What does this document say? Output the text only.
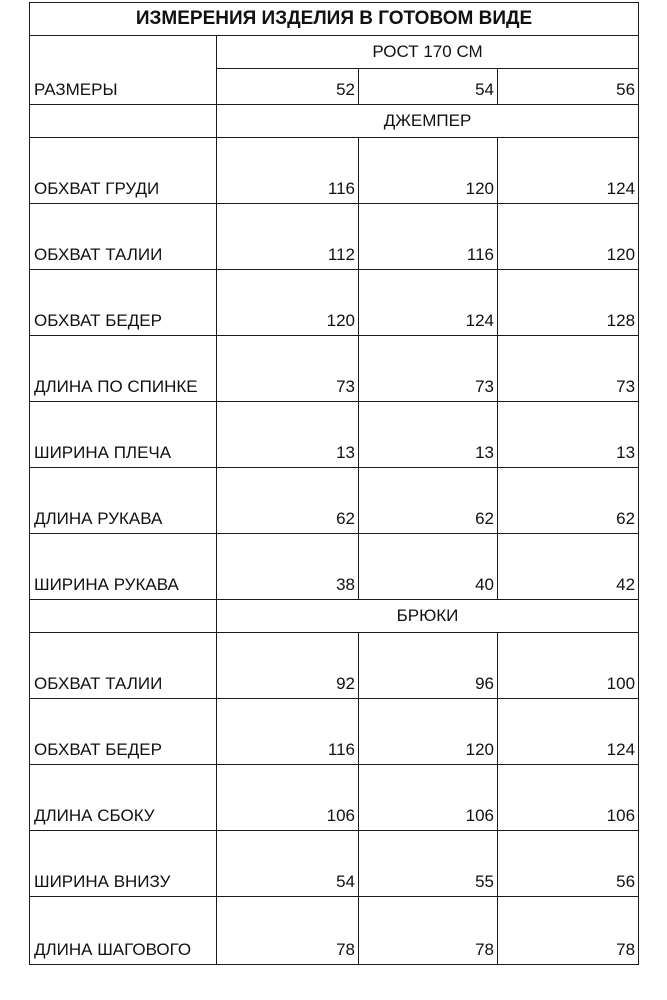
ИЗМЕРЕНИЯ ИЗДЕЛИЯ В ГОТОВОМ ВИДЕ			
РАЗМЕРЫ	РОСТ 170 СМ		
	52	54	56
	ДЖЕМПЕР		
ОБХВАТ ГРУДИ	116	120	124
ОБХВАТ ТАЛИИ	112	116	120
ОБХВАТ БЕДЕР	120	124	128
ДЛИНА ПО СПИНКЕ	73	73	73
ШИРИНА ПЛЕЧА	13	13	13
ДЛИНА РУКАВА	62	62	62
ШИРИНА РУКАВА	38	40	42
	БРЮКИ		
ОБХВАТ ТАЛИИ	92	96	100
ОБХВАТ БЕДЕР	116	120	124
ДЛИНА СБОКУ	106	106	106
ШИРИНА ВНИЗУ	54	55	56
ДЛИНА ШАГОВОГО	78	78	78
